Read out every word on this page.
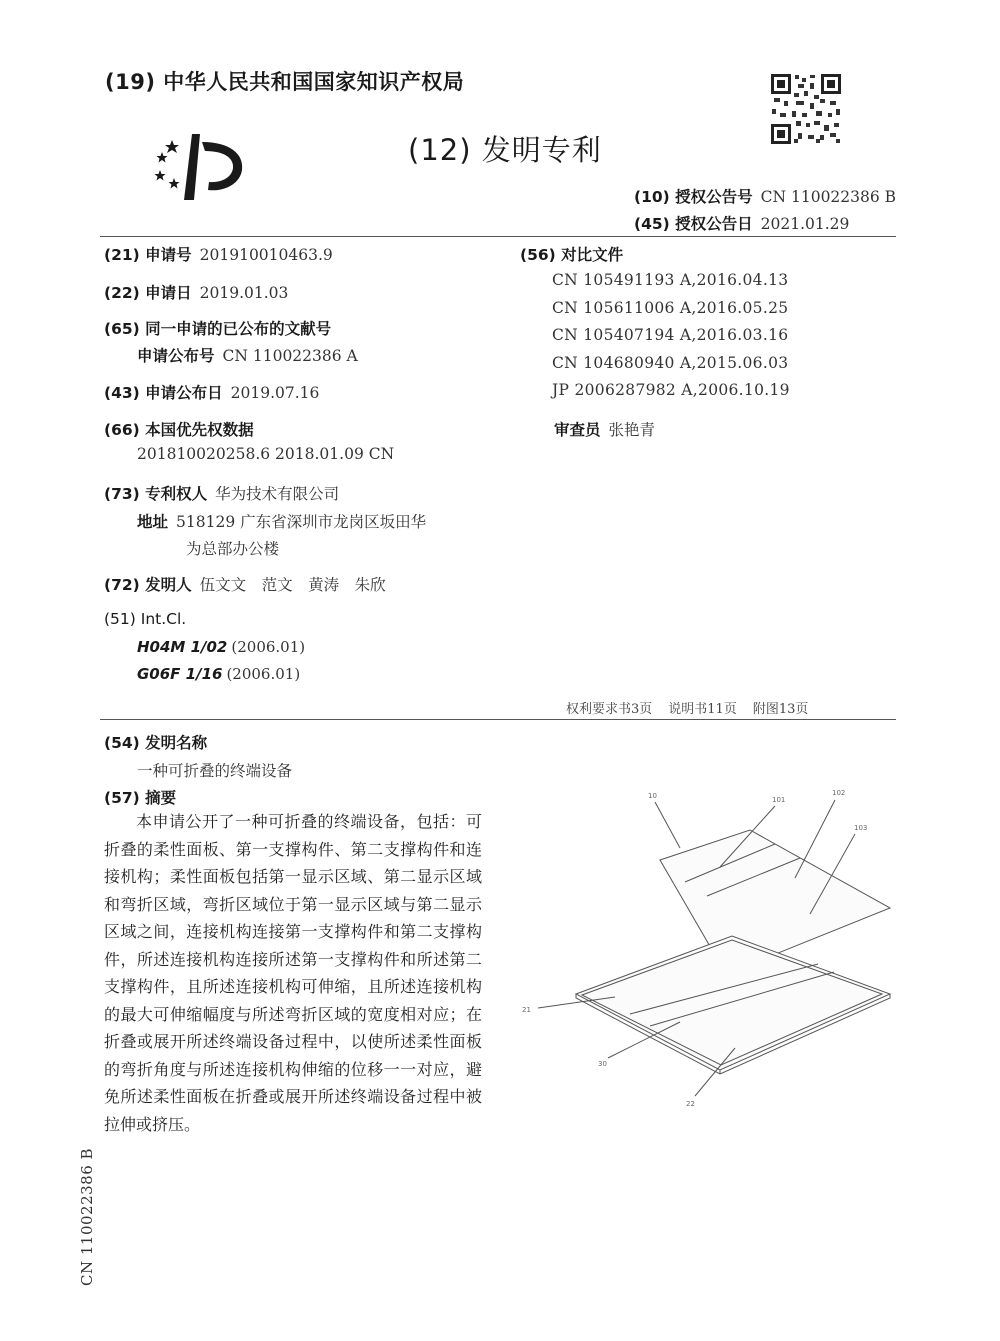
(19) 中华人民共和国国家知识产权局
(12) 发明专利
(10) 授权公告号 CN 110022386 B
(45) 授权公告日 2021.01.29
(21) 申请号 201910010463.9
(22) 申请日 2019.01.03
(65) 同一申请的已公布的文献号
申请公布号 CN 110022386 A
(43) 申请公布日 2019.07.16
(66) 本国优先权数据
201810020258.6 2018.01.09 CN
(73) 专利权人 华为技术有限公司
地址 518129 广东省深圳市龙岗区坂田华
为总部办公楼
(72) 发明人 伍文文　范文　黄涛　朱欣
(51) Int.Cl.
H04M 1/02 (2006.01)
G06F 1/16 (2006.01)
(56) 对比文件
CN 105491193 A,2016.04.13
CN 105611006 A,2016.05.25
CN 105407194 A,2016.03.16
CN 104680940 A,2015.06.03
JP 2006287982 A,2006.10.19
审查员 张艳青
权利要求书3页 说明书11页 附图13页
(54) 发明名称
一种可折叠的终端设备
(57) 摘要
本申请公开了一种可折叠的终端设备，包括：可折叠的柔性面板、第一支撑构件、第二支撑构件和连接机构；柔性面板包括第一显示区域、第二显示区域和弯折区域，弯折区域位于第一显示区域与第二显示区域之间，连接机构连接第一支撑构件和第二支撑构件，所述连接机构连接所述第一支撑构件和所述第二支撑构件，且所述连接机构可伸缩，且所述连接机构的最大可伸缩幅度与所述弯折区域的宽度相对应；在折叠或展开所述终端设备过程中，以使所述柔性面板的弯折角度与所述连接机构伸缩的位移一一对应，避免所述柔性面板在折叠或展开所述终端设备过程中被拉伸或挤压。
CN 110022386 B
10	101
102
103
21
30
22
